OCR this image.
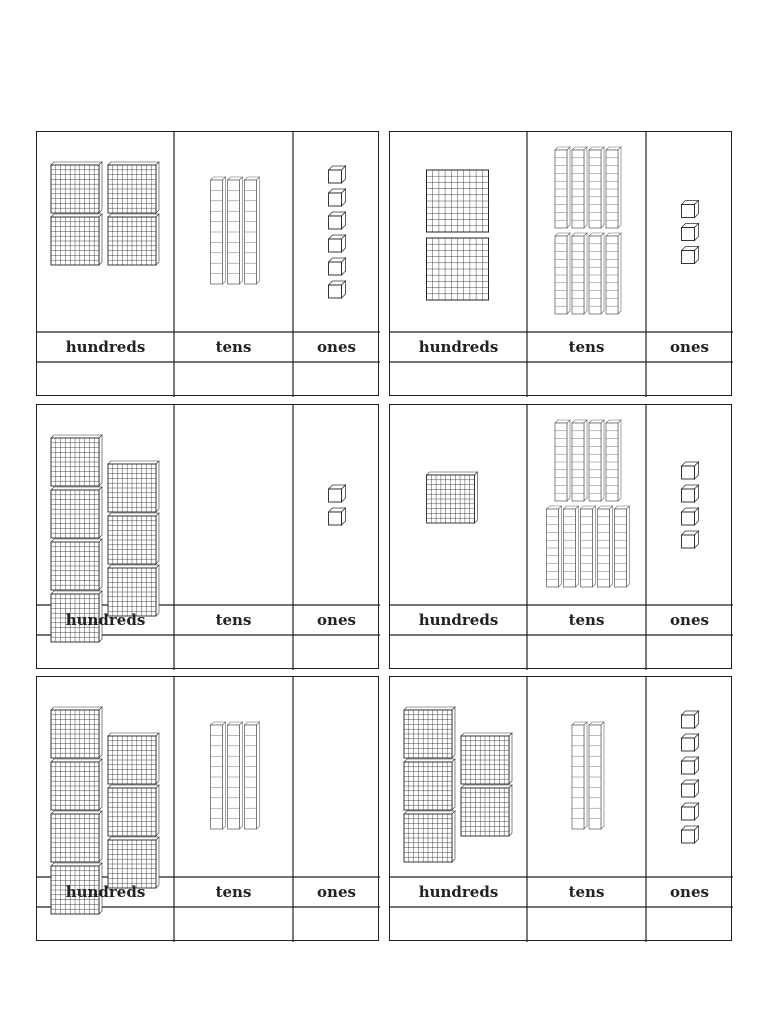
hundreds	tens	ones	hundreds	tens	ones
hundreds	tens	ones	hundreds	tens	ones
hundreds	tens	ones	hundreds	tens	ones
